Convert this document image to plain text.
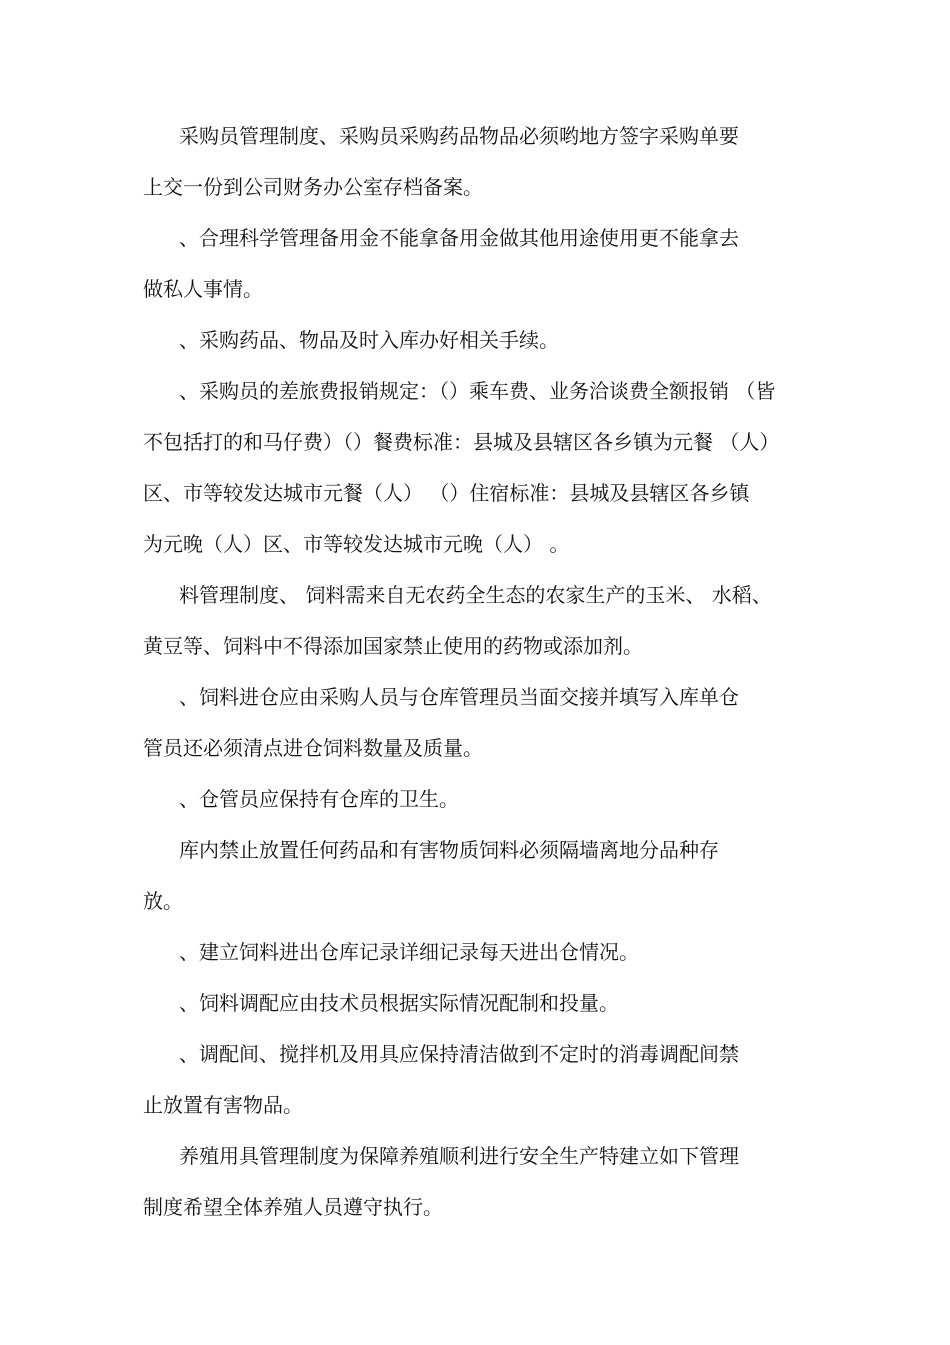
采购员管理制度、采购员采购药品物品必须哟地方签字采购单要
上交一份到公司财务办公室存档备案。
、合理科学管理备用金不能拿备用金做其他用途使用更不能拿去
做私人事情。
、采购药品、物品及时入库办好相关手续。
、采购员的差旅费报销规定：（）乘车费、业务洽谈费全额报销 （皆
不包括打的和马仔费）（）餐费标准：县城及县辖区各乡镇为元餐 （人）
区、市等较发达城市元餐（人） （）住宿标准：县城及县辖区各乡镇
为元晚（人）区、市等较发达城市元晚（人） 。
料管理制度、 饲料需来自无农药全生态的农家生产的玉米、 水稻、
黄豆等、饲料中不得添加国家禁止使用的药物或添加剂。
、饲料进仓应由采购人员与仓库管理员当面交接并填写入库单仓
管员还必须清点进仓饲料数量及质量。
、仓管员应保持有仓库的卫生。
库内禁止放置任何药品和有害物质饲料必须隔墙离地分品种存
放。
、建立饲料进出仓库记录详细记录每天进出仓情况。
、饲料调配应由技术员根据实际情况配制和投量。
、调配间、搅拌机及用具应保持清洁做到不定时的消毒调配间禁
止放置有害物品。
养殖用具管理制度为保障养殖顺利进行安全生产特建立如下管理
制度希望全体养殖人员遵守执行。
